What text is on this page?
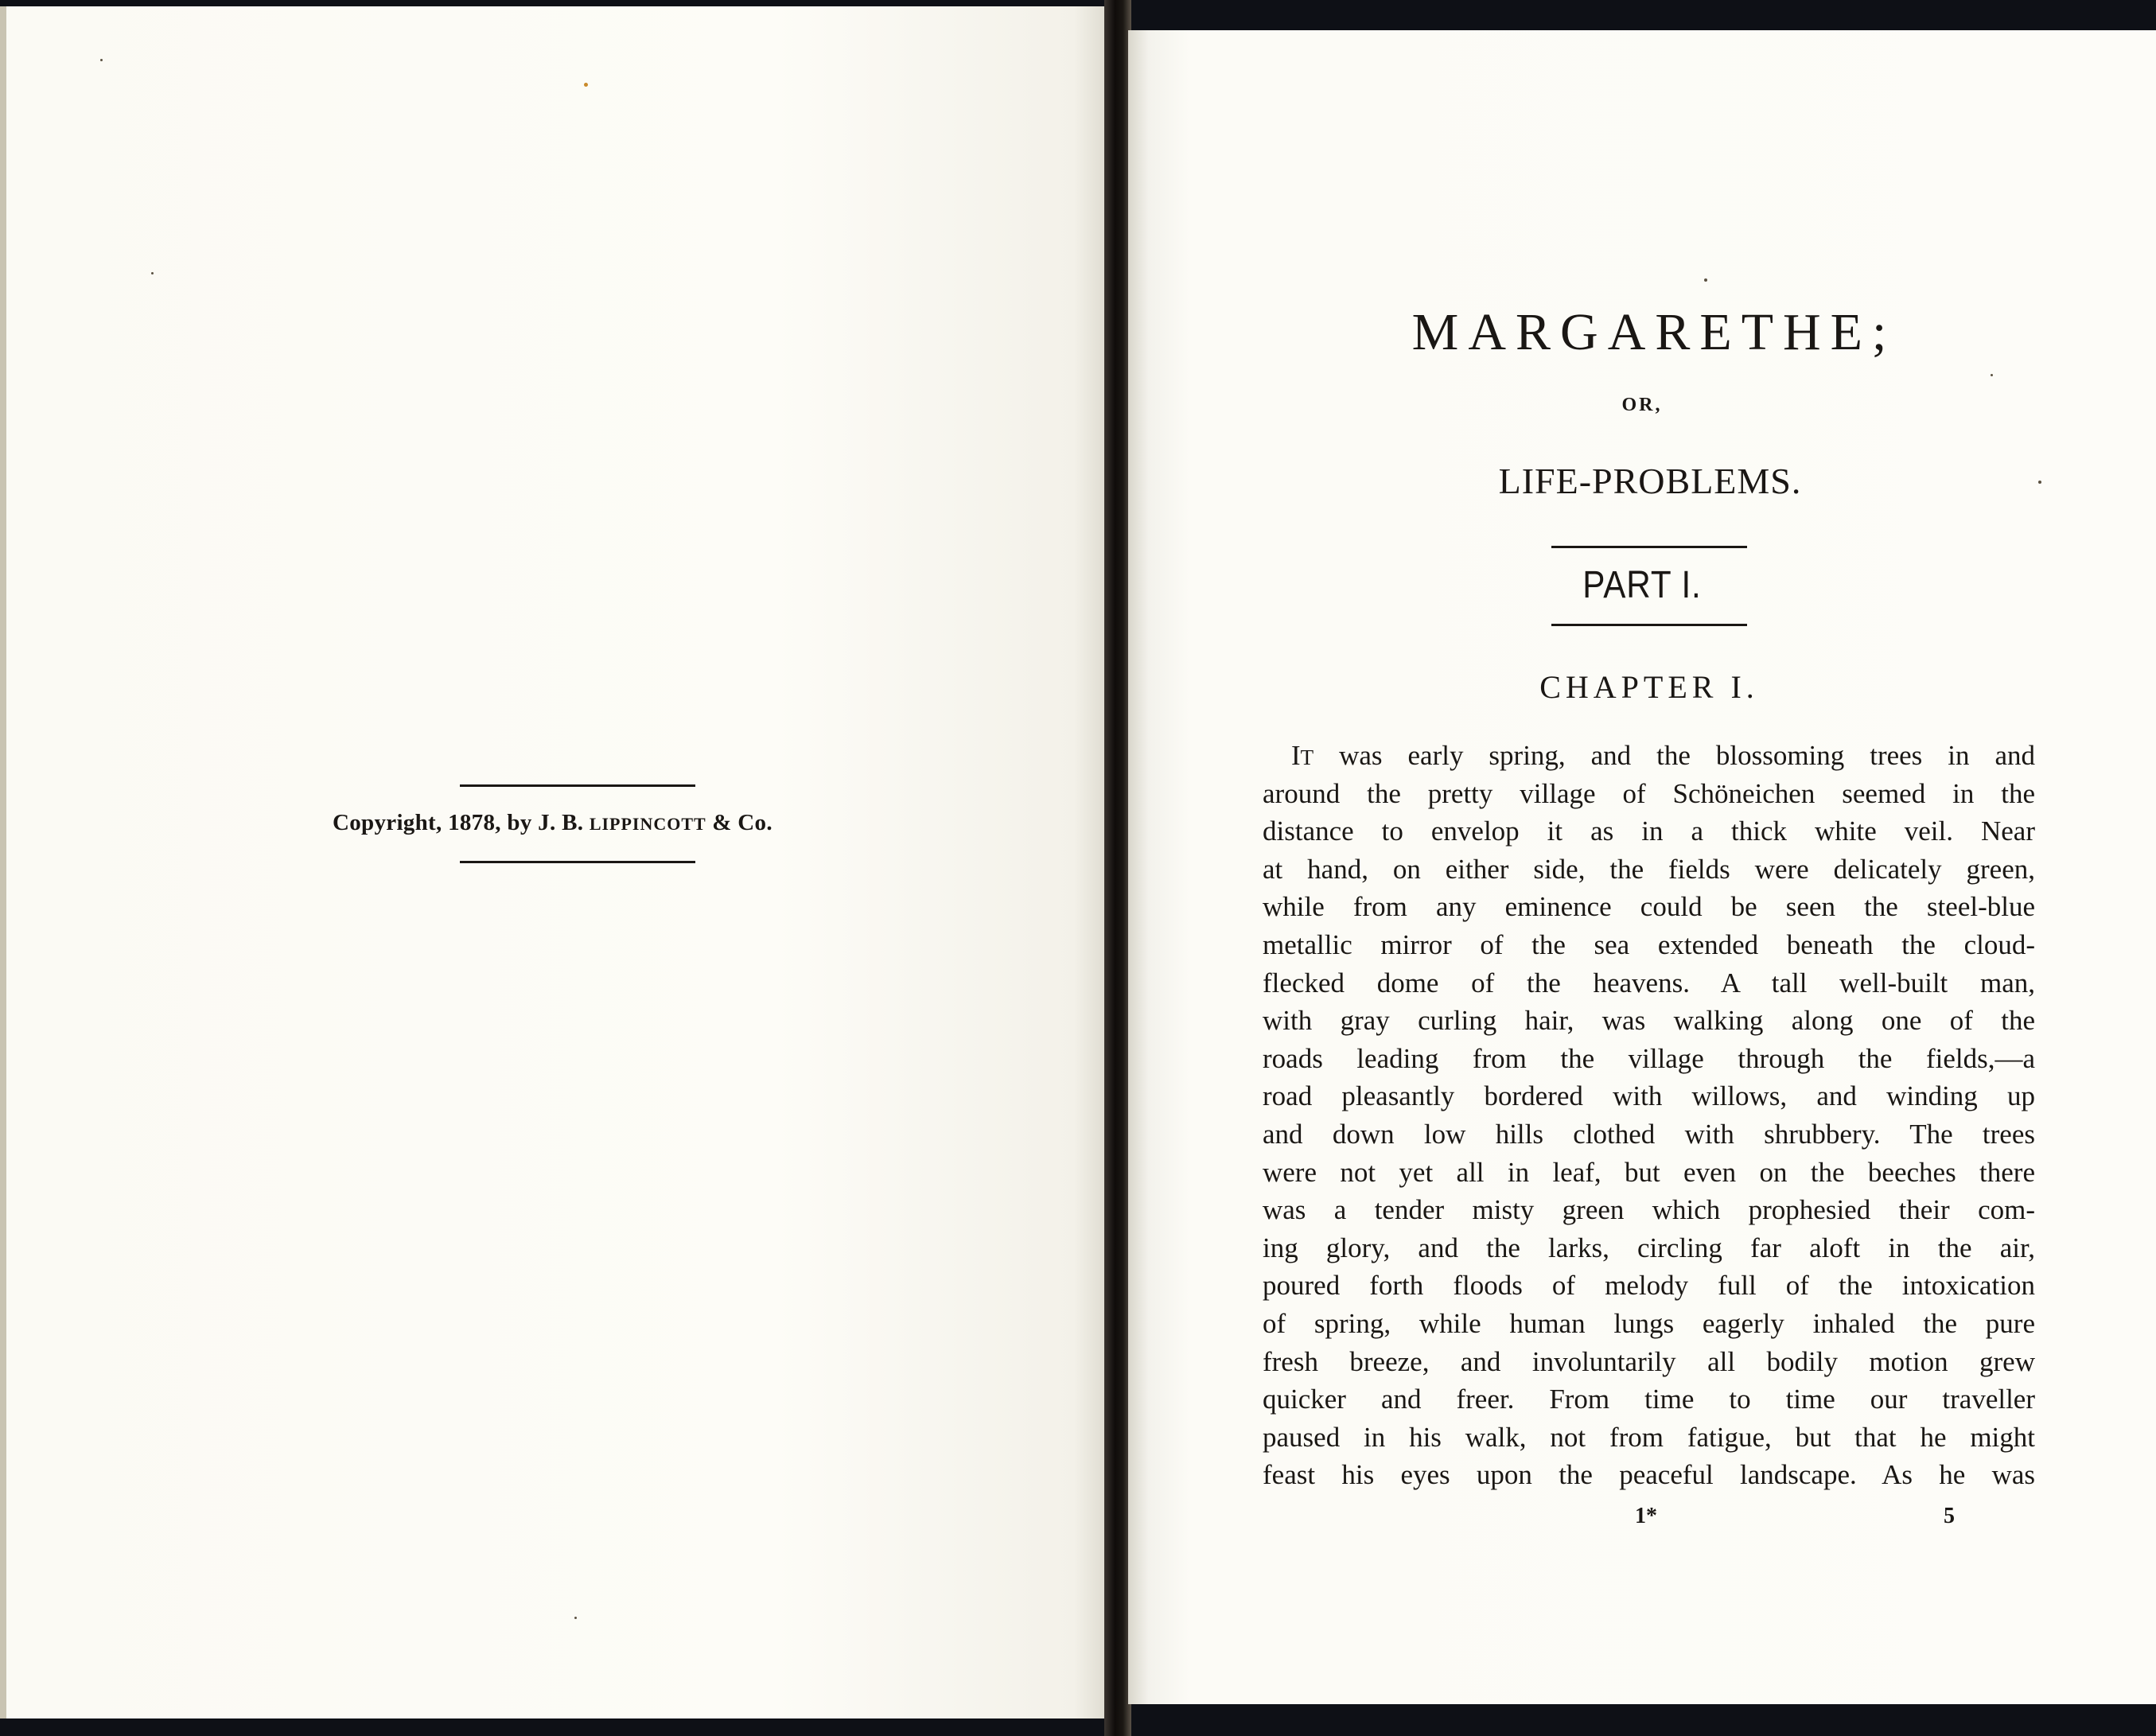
Copyright, 1878, by J. B. LIPPINCOTT & Co.
MARGARETHE;
OR,
LIFE-PROBLEMS.
PART I.
CHAPTER I.
IT was early spring, and the blossoming trees in and
around the pretty village of Schöneichen seemed in the
distance to envelop it as in a thick white veil. Near
at hand, on either side, the fields were delicately green,
while from any eminence could be seen the steel-blue
metallic mirror of the sea extended beneath the cloud-
flecked dome of the heavens. A tall well-built man,
with gray curling hair, was walking along one of the
roads leading from the village through the fields,—a
road pleasantly bordered with willows, and winding up
and down low hills clothed with shrubbery. The trees
were not yet all in leaf, but even on the beeches there
was a tender misty green which prophesied their com-
ing glory, and the larks, circling far aloft in the air,
poured forth floods of melody full of the intoxication
of spring, while human lungs eagerly inhaled the pure
fresh breeze, and involuntarily all bodily motion grew
quicker and freer. From time to time our traveller
paused in his walk, not from fatigue, but that he might
feast his eyes upon the peaceful landscape. As he was
1*	5
